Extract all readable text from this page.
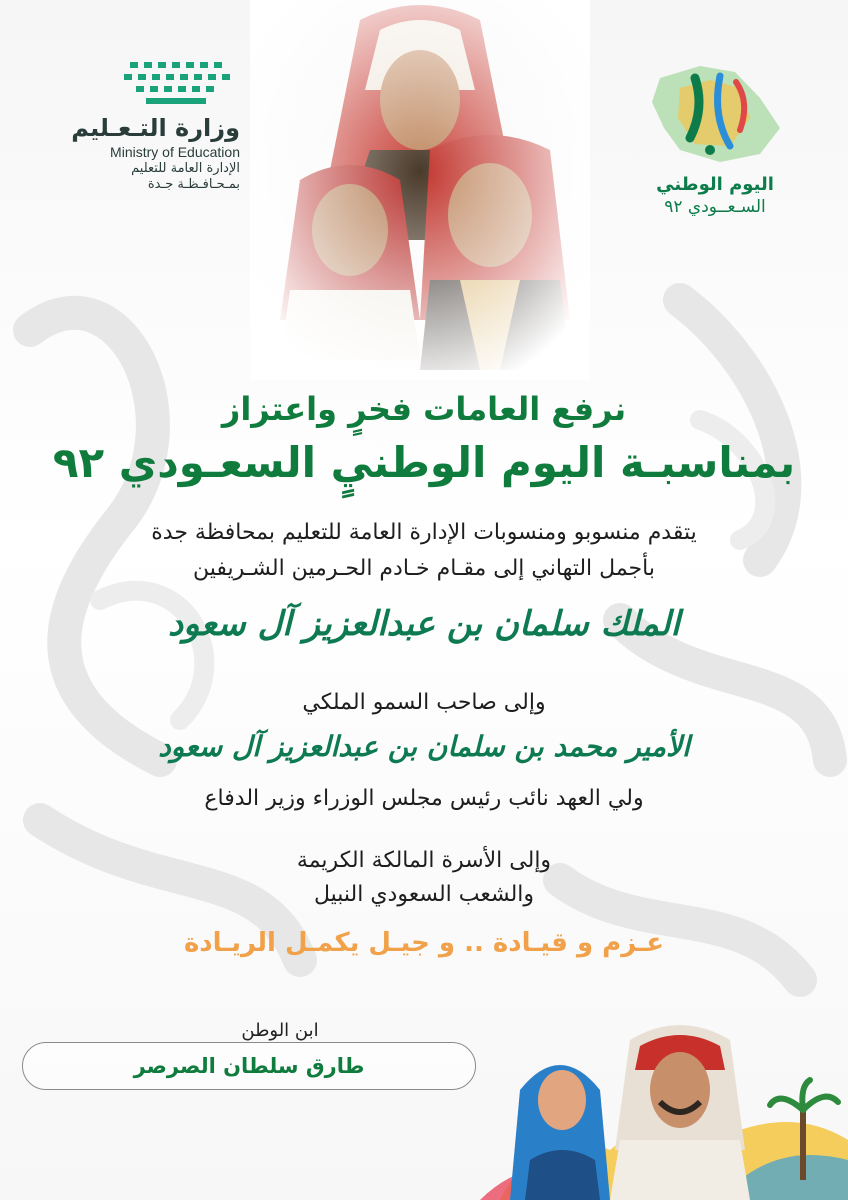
وزارة التـعـليم
Ministry of Education
الإدارة العامة للتعليم
بمـحـافـظـة جـدة	اليوم الوطني
السـعــودي ٩٢
نرفع العامات فخرٍ واعتزاز
بمناسبـة اليوم الوطنيٍ السعـودي ٩٢
يتقدم منسوبو ومنسوبات الإدارة العامة للتعليم بمحافظة جدة
بأجمل التهاني إلى مقـام خـادم الحـرمين الشـريفين
الملك سلمان بن عبدالعزيز آل سعود
وإلى صاحب السمو الملكي
الأمير محمد بن سلمان بن عبدالعزيز آل سعود
ولي العهد نائب رئيس مجلس الوزراء وزير الدفاع
وإلى الأسرة المالكة الكريمة
والشعب السعودي النبيل
عـزم و قيـادة .. و جيـل يكمـل الريـادة
ابن الوطن
طارق سلطان الصرصر
